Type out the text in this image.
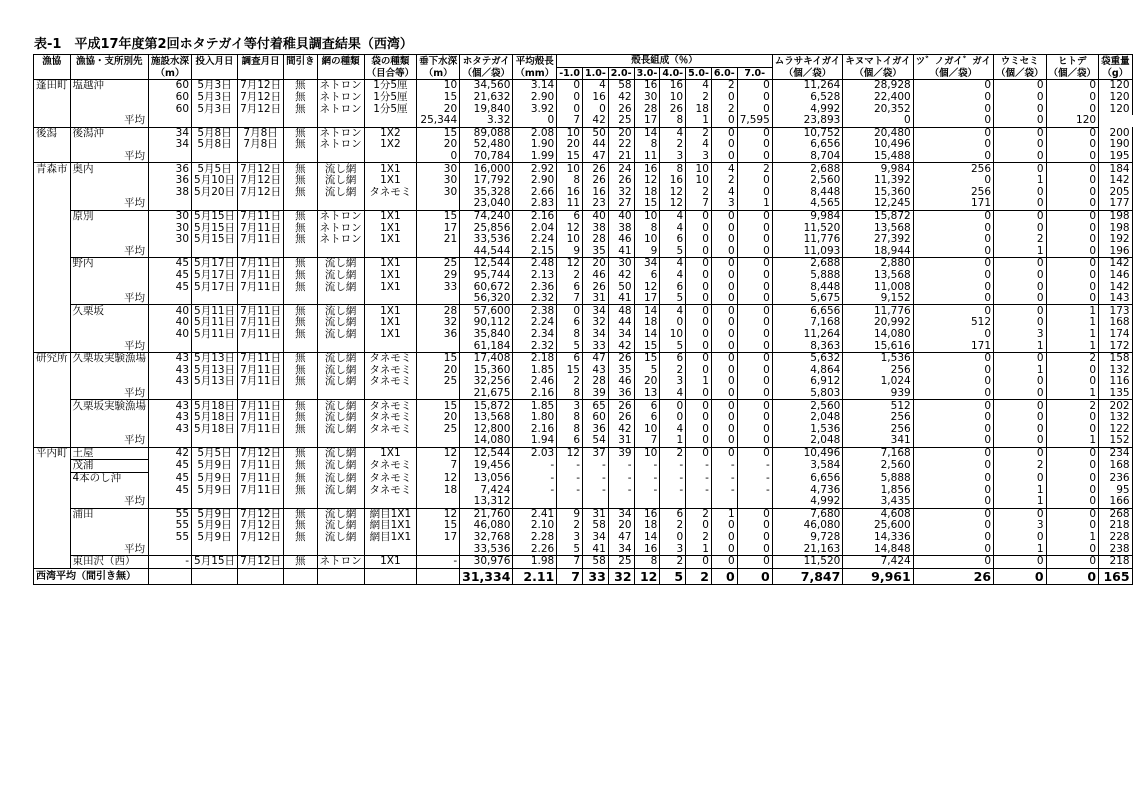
表-1　平成17年度第2回ホタテガイ等付着稚貝調査結果（西湾）
漁協	漁協・支所別先	施設水深	投入月日	調査月日	間引き	網の種類	袋の種類	垂下水深	ホタテガイ	平均殻長	殻長組成（％）								ムラサキイガイ	キヌマトイガイ	ツ゛ノガイ゛ガイ	ウミセミ	ヒトデ	袋重量
		（m）					（目合等）	（m）	（個／袋）	（mm）	-1.0	1.0-	2.0-	3.0-	4.0-	5.0-	6.0-	7.0-	（個／袋）	（個／袋）	（個／袋）	（個／袋）	（個／袋）	（g）
蓬田町	塩越沖	60	5月3日	7月12日	無	ネトロン	1分5厘	10	34,560	3.14	0	4	58	16	16	4	2	0	11,264	28,928	0	0	0	120
		60	5月3日	7月12日	無	ネトロン	1分5厘	15	21,632	2.90	0	16	42	30	10	2	0	0	6,528	22,400	0	0	0	120
		60	5月3日	7月12日	無	ネトロン	1分5厘	20	19,840	3.92	0	0	26	28	26	18	2	0	4,992	20,352	0	0	0	120
	平均							25,344	3.32	0	7	42	25	17	8	1	0	7,595	23,893	0	0	0	120	
後潟	後潟沖	34	5月8日	7月8日	無	ネトロン	1X2	15	89,088	2.08	10	50	20	14	4	2	0	0	10,752	20,480	0	0	0	200
		34	5月8日	7月8日	無	ネトロン	1X2	20	52,480	1.90	20	44	22	8	2	4	0	0	6,656	10,496	0	0	0	190
	平均							0	70,784	1.99	15	47	21	11	3	3	0	0	8,704	15,488	0	0	0	195
青森市	奥内	36	5月5日	7月12日	無	流し網	1X1	30	16,000	2.92	10	26	24	16	8	10	4	2	2,688	9,984	256	0	0	184
		36	5月10日	7月12日	無	流し網	1X1	30	17,792	2.90	8	26	26	12	16	10	2	0	2,560	11,392	0	1	0	142
		38	5月20日	7月12日	無	流し網	タネモミ	30	35,328	2.66	16	16	32	18	12	2	4	0	8,448	15,360	256	0	0	205
	平均								23,040	2.83	11	23	27	15	12	7	3	1	4,565	12,245	171	0	0	177
	原別	30	5月15日	7月11日	無	ネトロン	1X1	15	74,240	2.16	6	40	40	10	4	0	0	0	9,984	15,872	0	0	0	198
		30	5月15日	7月11日	無	ネトロン	1X1	17	25,856	2.04	12	38	38	8	4	0	0	0	11,520	13,568	0	0	0	198
		30	5月15日	7月11日	無	ネトロン	1X1	21	33,536	2.24	10	28	46	10	6	0	0	0	11,776	27,392	0	2	0	192
	平均								44,544	2.15	9	35	41	9	5	0	0	0	11,093	18,944	0	1	0	196
	野内	45	5月17日	7月11日	無	流し網	1X1	25	12,544	2.48	12	20	30	34	4	0	0	0	2,688	2,880	0	0	0	142
		45	5月17日	7月11日	無	流し網	1X1	29	95,744	2.13	2	46	42	6	4	0	0	0	5,888	13,568	0	0	0	146
		45	5月17日	7月11日	無	流し網	1X1	33	60,672	2.36	6	26	50	12	6	0	0	0	8,448	11,008	0	0	0	142
	平均								56,320	2.32	7	31	41	17	5	0	0	0	5,675	9,152	0	0	0	143
	久栗坂	40	5月11日	7月11日	無	流し網	1X1	28	57,600	2.38	0	34	48	14	4	0	0	0	6,656	11,776	0	0	1	173
		40	5月11日	7月11日	無	流し網	1X1	32	90,112	2.24	6	32	44	18	0	0	0	0	7,168	20,992	512	0	1	168
		40	5月11日	7月11日	無	流し網	1X1	36	35,840	2.34	8	34	34	14	10	0	0	0	11,264	14,080	0	3	1	174
	平均								61,184	2.32	5	33	42	15	5	0	0	0	8,363	15,616	171	1	1	172
研究所	久栗坂実験漁場	43	5月13日	7月11日	無	流し網	タネモミ	15	17,408	2.18	6	47	26	15	6	0	0	0	5,632	1,536	0	0	2	158
		43	5月13日	7月11日	無	流し網	タネモミ	20	15,360	1.85	15	43	35	5	2	0	0	0	4,864	256	0	1	0	132
		43	5月13日	7月11日	無	流し網	タネモミ	25	32,256	2.46	2	28	46	20	3	1	0	0	6,912	1,024	0	0	0	116
	平均								21,675	2.16	8	39	36	13	4	0	0	0	5,803	939	0	0	1	135
	久栗坂実験漁場	43	5月18日	7月11日	無	流し網	タネモミ	15	15,872	1.85	3	65	26	6	0	0	0	0	2,560	512	0	0	2	202
		43	5月18日	7月11日	無	流し網	タネモミ	20	13,568	1.80	8	60	26	6	0	0	0	0	2,048	256	0	0	0	132
		43	5月18日	7月11日	無	流し網	タネモミ	25	12,800	2.16	8	36	42	10	4	0	0	0	1,536	256	0	0	0	122
	平均								14,080	1.94	6	54	31	7	1	0	0	0	2,048	341	0	0	1	152
平内町	土屋	42	5月5日	7月12日	無	流し網	1X1	12	12,544	2.03	12	37	39	10	2	0	0	0	10,496	7,168	0	0	0	234
	茂浦	45	5月9日	7月11日	無	流し網	タネモミ	7	19,456	-	-	-	-	-	-	-	-	-	3,584	2,560	0	2	0	168
	4本のし沖	45	5月9日	7月11日	無	流し網	タネモミ	12	13,056	-	-	-	-	-	-	-	-	-	6,656	5,888	0	0	0	236
		45	5月9日	7月11日	無	流し網	タネモミ	18	7,424	-	-	-	-	-	-	-	-	-	4,736	1,856	0	1	0	95
	平均								13,312										4,992	3,435	0	1	0	166
	浦田	55	5月9日	7月12日	無	流し網	網目1X1	12	21,760	2.41	9	31	34	16	6	2	1	0	7,680	4,608	0	0	0	268
		55	5月9日	7月12日	無	流し網	網目1X1	15	46,080	2.10	2	58	20	18	2	0	0	0	46,080	25,600	0	3	0	218
		55	5月9日	7月12日	無	流し網	網目1X1	17	32,768	2.28	3	34	47	14	0	2	0	0	9,728	14,336	0	0	1	228
	平均								33,536	2.26	5	41	34	16	3	1	0	0	21,163	14,848	0	1	0	238
	東田沢（西）	-	5月15日	7月12日	無	ネトロン	1X1	-	30,976	1.98	7	58	25	8	2	0	0	0	11,520	7,424	0	0	0	218
西湾平均（間引き無）									31,334	2.11	7	33	32	12	5	2	0	0	7,847	9,961	26	0	0	165
